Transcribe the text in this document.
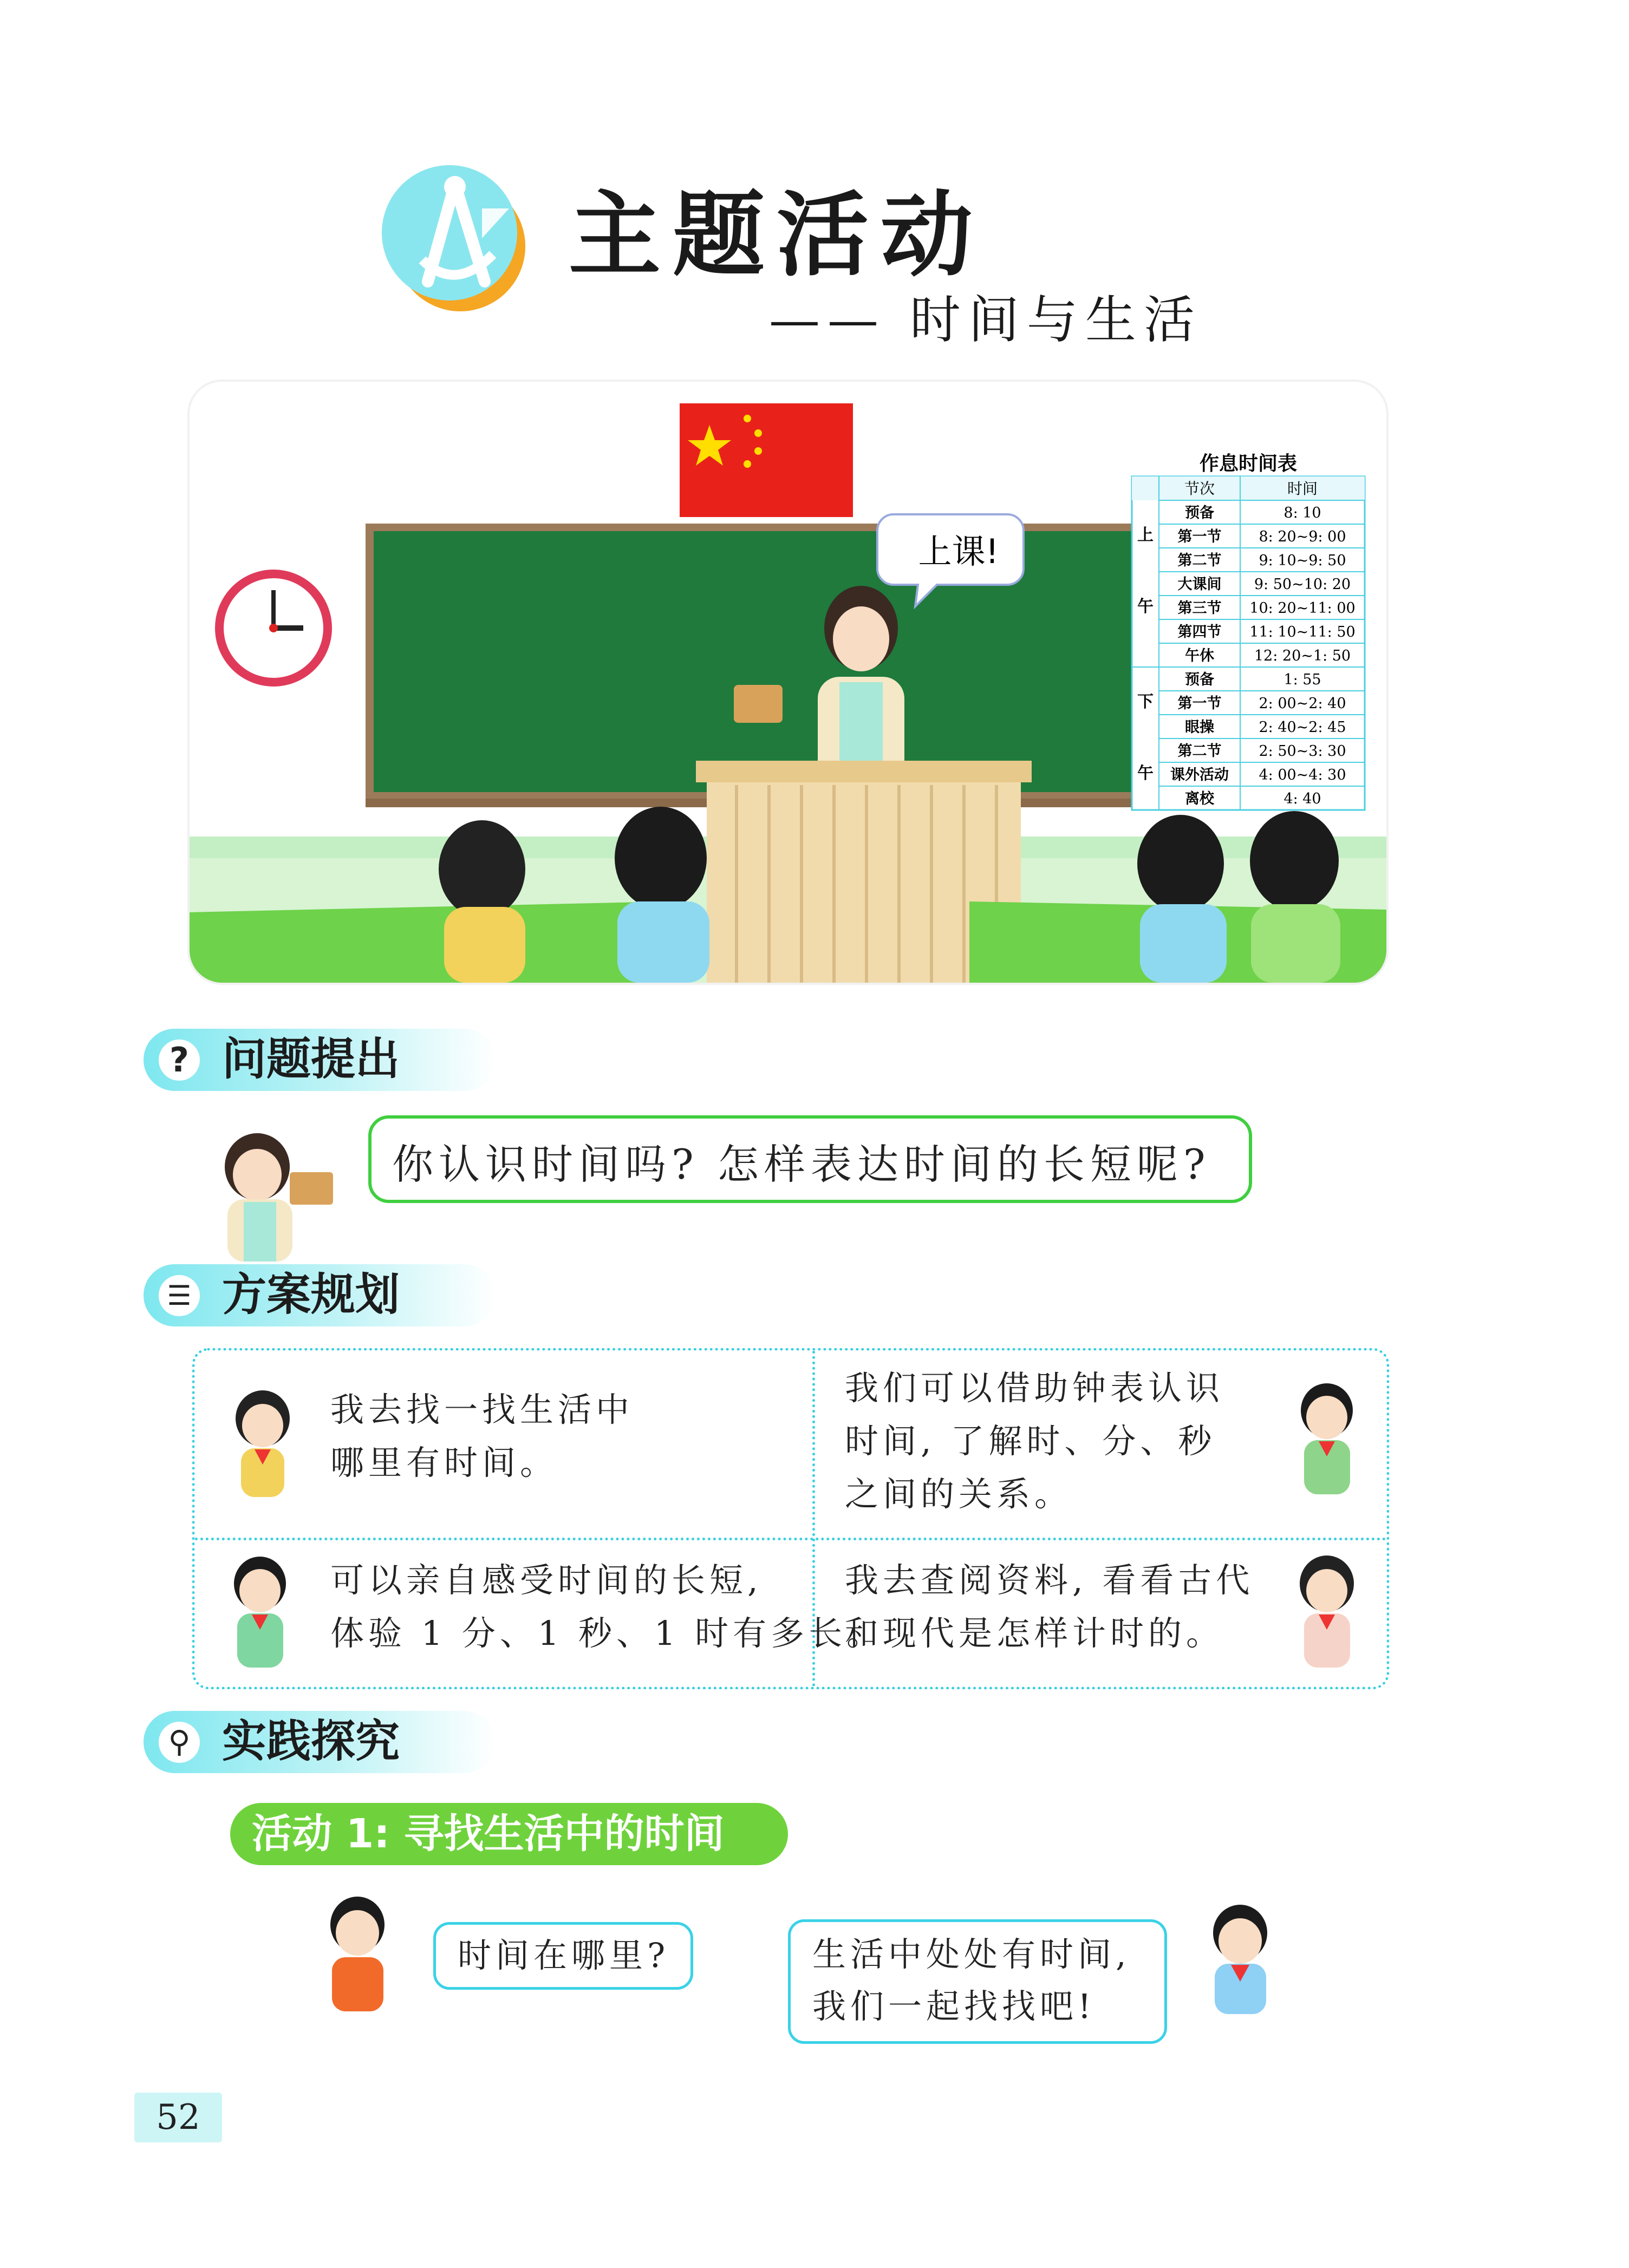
主题活动
—— 时间与生活
上课!
作息时间表
节次	时间
预备	8: 10
第一节	8: 20~9: 00
第二节	9: 10~9: 50
大课间 9: 50~10: 20
第三节 10: 20~11: 00
第四节 11: 10~11: 50
午休	12: 20~1: 50
预备	1: 55
第一节	2: 00~2: 40
眼操	2: 40~2: 45
第二节	2: 50~3: 30
课外活动 4: 00~4: 30
离校	4: 40
上
午
下
午
? 问题提出
你认识时间吗? 怎样表达时间的长短呢?
☰ 方案规划
我去找一找生活中
哪里有时间。
我们可以借助钟表认识
时间, 了解时、分、秒
之间的关系。
可以亲自感受时间的长短,
体验 1 分、1 秒、1 时有多长。
我去查阅资料, 看看古代
和现代是怎样计时的。
⚲ 实践探究
活动 1: 寻找生活中的时间
时间在哪里?	生活中处处有时间,
我们一起找找吧!
52
